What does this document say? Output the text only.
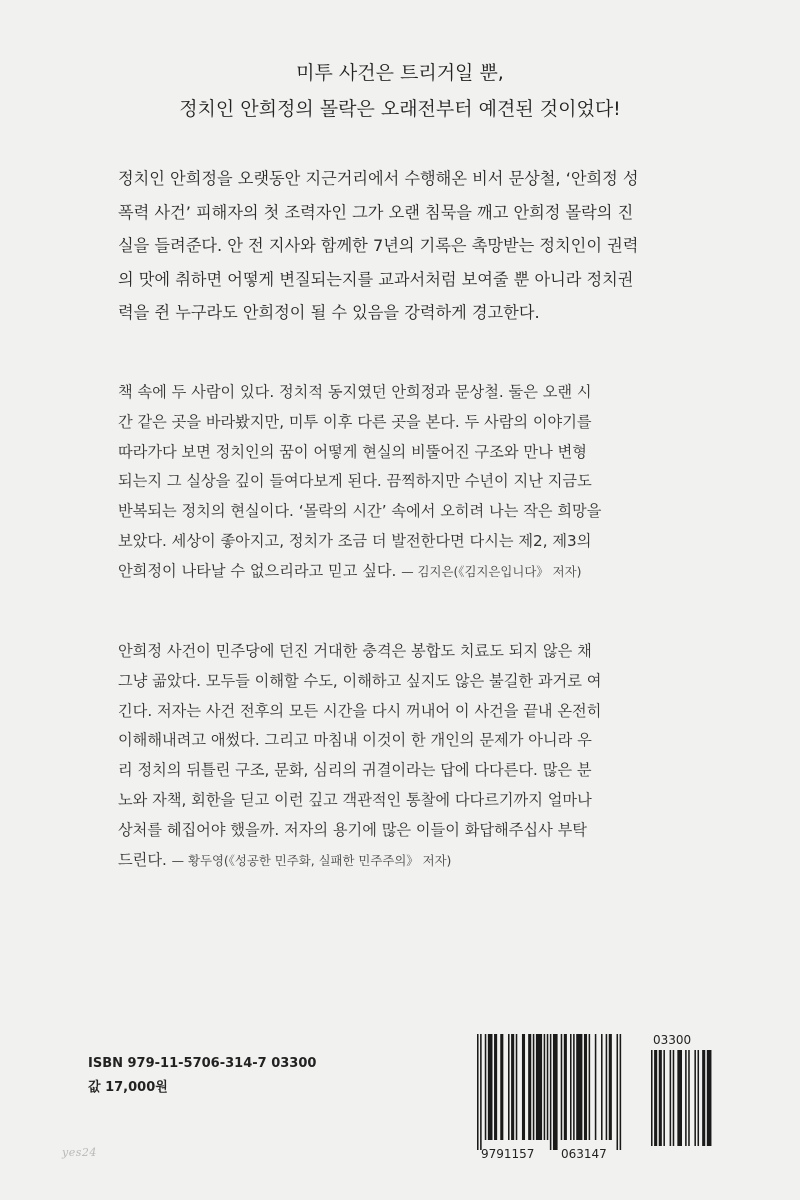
미투 사건은 트리거일 뿐,
정치인 안희정의 몰락은 오래전부터 예견된 것이었다!
정치인 안희정을 오랫동안 지근거리에서 수행해온 비서 문상철, ‘안희정 성
폭력 사건’ 피해자의 첫 조력자인 그가 오랜 침묵을 깨고 안희정 몰락의 진
실을 들려준다. 안 전 지사와 함께한 7년의 기록은 촉망받는 정치인이 권력
의 맛에 취하면 어떻게 변질되는지를 교과서처럼 보여줄 뿐 아니라 정치권
력을 쥔 누구라도 안희정이 될 수 있음을 강력하게 경고한다.
책 속에 두 사람이 있다. 정치적 동지였던 안희정과 문상철. 둘은 오랜 시
간 같은 곳을 바라봤지만, 미투 이후 다른 곳을 본다. 두 사람의 이야기를
따라가다 보면 정치인의 꿈이 어떻게 현실의 비뚤어진 구조와 만나 변형
되는지 그 실상을 깊이 들여다보게 된다. 끔찍하지만 수년이 지난 지금도
반복되는 정치의 현실이다. ‘몰락의 시간’ 속에서 오히려 나는 작은 희망을
보았다. 세상이 좋아지고, 정치가 조금 더 발전한다면 다시는 제2, 제3의
안희정이 나타날 수 없으리라고 믿고 싶다. — 김지은(《김지은입니다》 저자)
안희정 사건이 민주당에 던진 거대한 충격은 봉합도 치료도 되지 않은 채
그냥 곪았다. 모두들 이해할 수도, 이해하고 싶지도 않은 불길한 과거로 여
긴다. 저자는 사건 전후의 모든 시간을 다시 꺼내어 이 사건을 끝내 온전히
이해해내려고 애썼다. 그리고 마침내 이것이 한 개인의 문제가 아니라 우
리 정치의 뒤틀린 구조, 문화, 심리의 귀결이라는 답에 다다른다. 많은 분
노와 자책, 회한을 딛고 이런 깊고 객관적인 통찰에 다다르기까지 얼마나
상처를 헤집어야 했을까. 저자의 용기에 많은 이들이 화답해주십사 부탁
드린다. — 황두영(《성공한 민주화, 실패한 민주주의》 저자)
ISBN 979-11-5706-314-7 03300
값 17,000원
03300
9791157 063147
yes24
